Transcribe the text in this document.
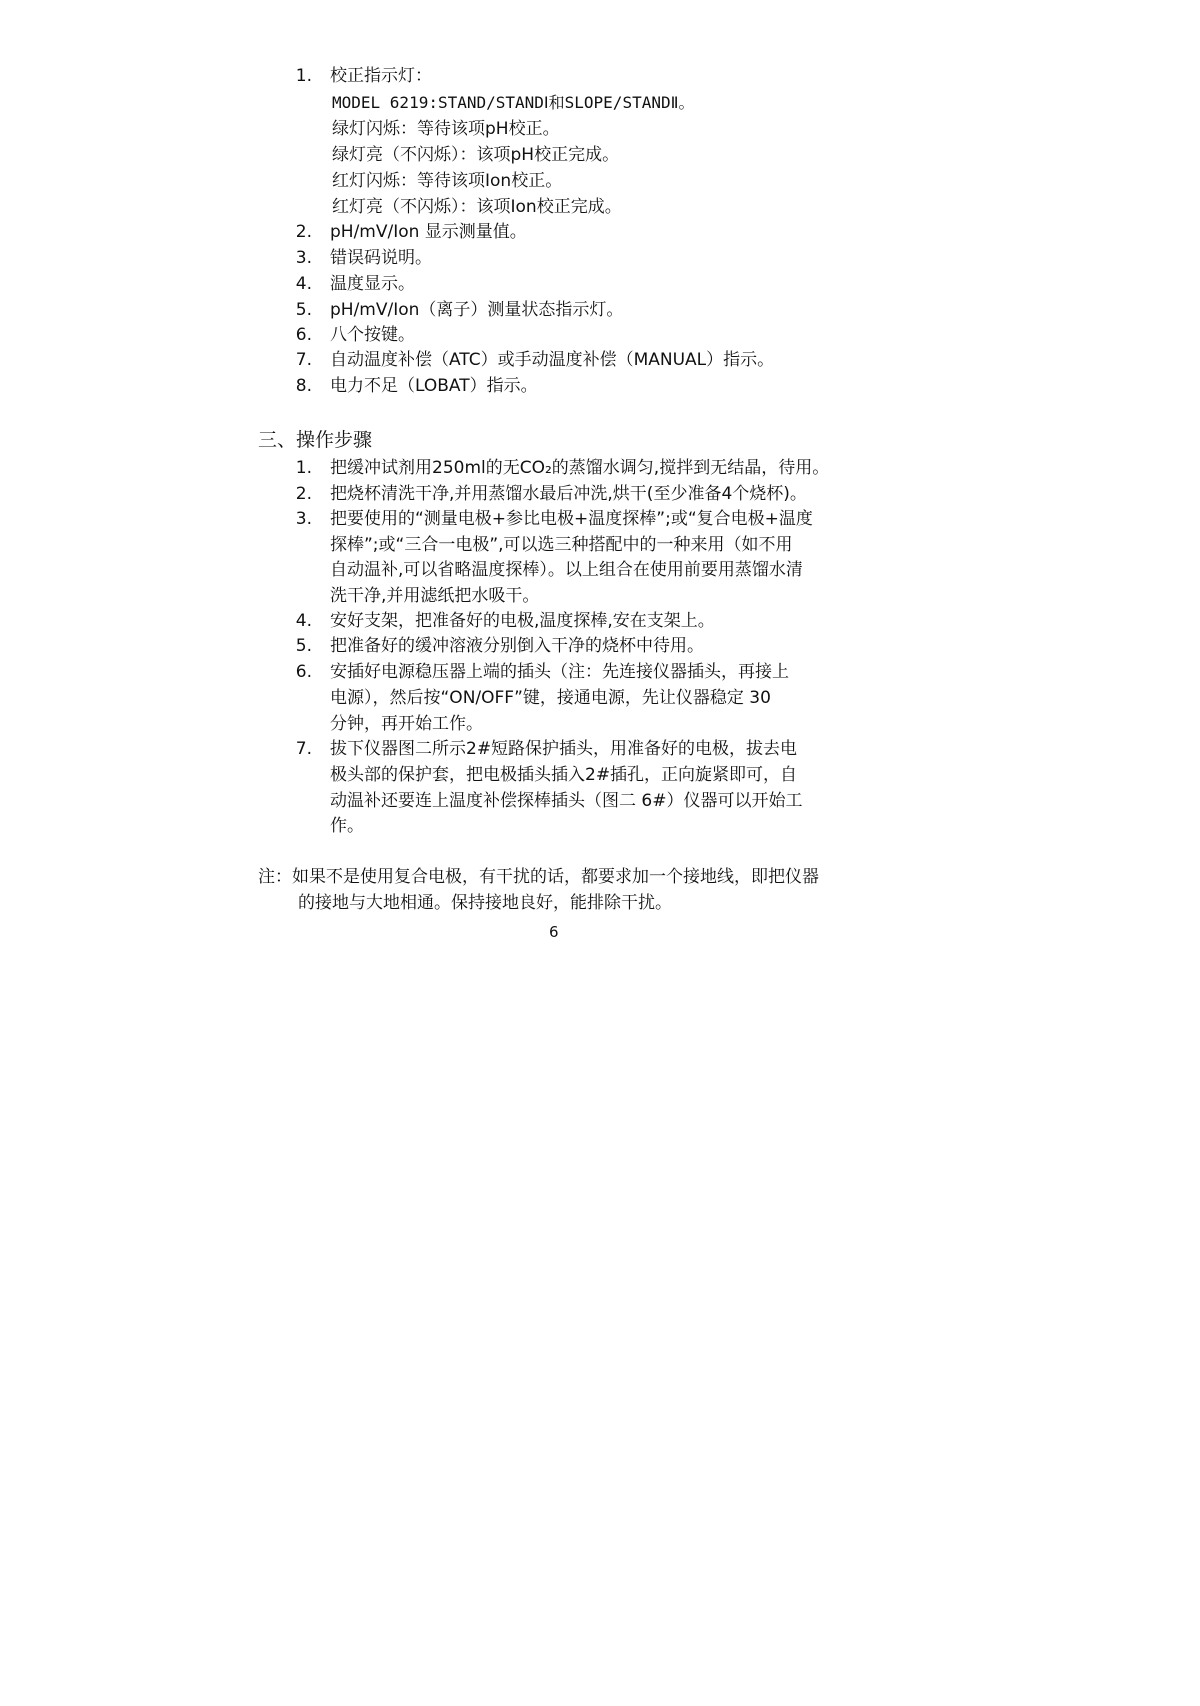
1. 校正指示灯：
MODEL 6219:STAND/STANDⅠ和SLOPE/STANDⅡ。
绿灯闪烁：等待该项pH校正。
绿灯亮（不闪烁）：该项pH校正完成。
红灯闪烁：等待该项Ion校正。
红灯亮（不闪烁）：该项Ion校正完成。
2. pH/mV/Ion 显示测量值。
3. 错误码说明。
4. 温度显示。
5. pH/mV/Ion（离子）测量状态指示灯。
6. 八个按键。
7. 自动温度补偿（ATC）或手动温度补偿（MANUAL）指示。
8. 电力不足（LOBAT）指示。
三、操作步骤
1. 把缓冲试剂用250ml的无CO₂的蒸馏水调匀,搅拌到无结晶，待用。
2. 把烧杯清洗干净,并用蒸馏水最后冲洗,烘干(至少准备4个烧杯)。
3. 把要使用的“测量电极+参比电极+温度探棒”;或“复合电极+温度
探棒”;或“三合一电极”,可以选三种搭配中的一种来用（如不用
自动温补,可以省略温度探棒）。以上组合在使用前要用蒸馏水清
洗干净,并用滤纸把水吸干。
4. 安好支架，把准备好的电极,温度探棒,安在支架上。
5. 把准备好的缓冲溶液分别倒入干净的烧杯中待用。
6. 安插好电源稳压器上端的插头（注：先连接仪器插头，再接上
电源），然后按“ON/OFF”键，接通电源，先让仪器稳定 30
分钟，再开始工作。
7. 拔下仪器图二所示2#短路保护插头，用准备好的电极，拔去电
极头部的保护套，把电极插头插入2#插孔，正向旋紧即可，自
动温补还要连上温度补偿探棒插头（图二 6#）仪器可以开始工
作。
注：如果不是使用复合电极，有干扰的话，都要求加一个接地线，即把仪器
的接地与大地相通。保持接地良好，能排除干扰。
6
